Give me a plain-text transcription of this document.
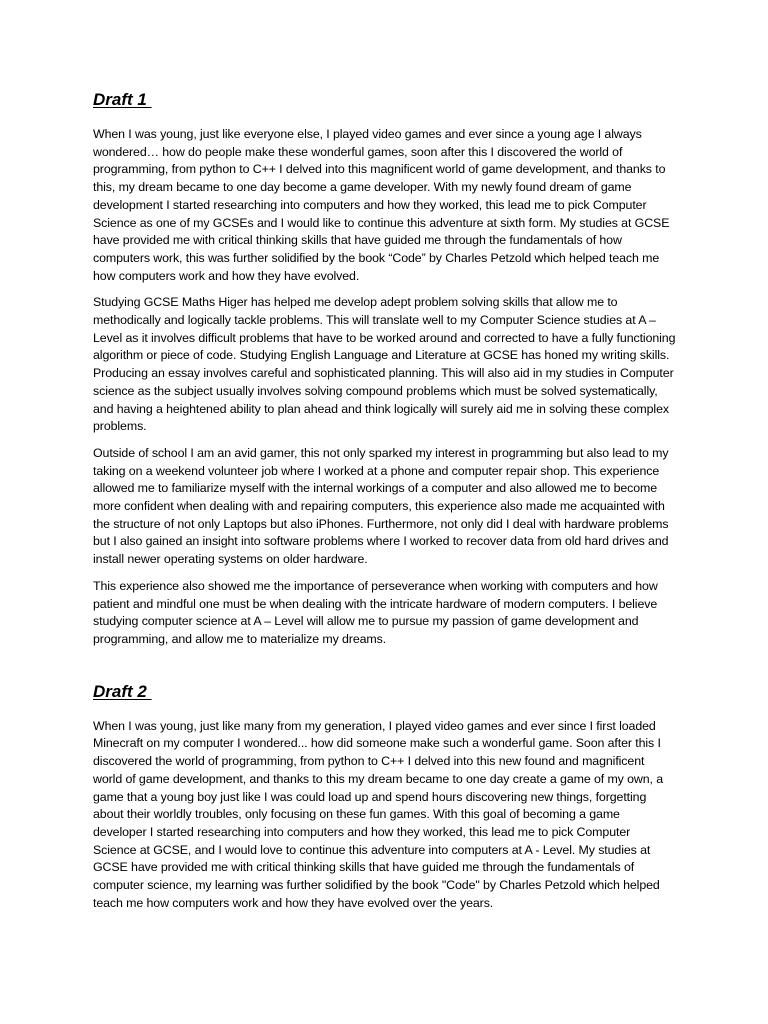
Draft 1

When I was young, just like everyone else, I played video games and ever since a young age I always wondered… how do people make these wonderful games, soon after this I discovered the world of programming, from python to C++ I delved into this magnificent world of game development, and thanks to this, my dream became to one day become a game developer. With my newly found dream of game development I started researching into computers and how they worked, this lead me to pick Computer Science as one of my GCSEs and I would like to continue this adventure at sixth form. My studies at GCSE have provided me with critical thinking skills that have guided me through the fundamentals of how computers work, this was further solidified by the book “Code” by Charles Petzold which helped teach me how computers work and how they have evolved.

Studying GCSE Maths Higer has helped me develop adept problem solving skills that allow me to methodically and logically tackle problems. This will translate well to my Computer Science studies at A – Level as it involves difficult problems that have to be worked around and corrected to have a fully functioning algorithm or piece of code. Studying English Language and Literature at GCSE has honed my writing skills. Producing an essay involves careful and sophisticated planning. This will also aid in my studies in Computer science as the subject usually involves solving compound problems which must be solved systematically, and having a heightened ability to plan ahead and think logically will surely aid me in solving these complex problems.

Outside of school I am an avid gamer, this not only sparked my interest in programming but also lead to my taking on a weekend volunteer job where I worked at a phone and computer repair shop. This experience allowed me to familiarize myself with the internal workings of a computer and also allowed me to become more confident when dealing with and repairing computers, this experience also made me acquainted with the structure of not only Laptops but also iPhones. Furthermore, not only did I deal with hardware problems but I also gained an insight into software problems where I worked to recover data from old hard drives and install newer operating systems on older hardware.

This experience also showed me the importance of perseverance when working with computers and how patient and mindful one must be when dealing with the intricate hardware of modern computers. I believe studying computer science at A – Level will allow me to pursue my passion of game development and programming, and allow me to materialize my dreams.

Draft 2

When I was young, just like many from my generation, I played video games and ever since I first loaded Minecraft on my computer I wondered... how did someone make such a wonderful game. Soon after this I discovered the world of programming, from python to C++ I delved into this new found and magnificent world of game development, and thanks to this my dream became to one day create a game of my own, a game that a young boy just like I was could load up and spend hours discovering new things, forgetting about their worldly troubles, only focusing on these fun games. With this goal of becoming a game developer I started researching into computers and how they worked, this lead me to pick Computer Science at GCSE, and I would love to continue this adventure into computers at A - Level. My studies at GCSE have provided me with critical thinking skills that have guided me through the fundamentals of computer science, my learning was further solidified by the book "Code" by Charles Petzold which helped teach me how computers work and how they have evolved over the years.
